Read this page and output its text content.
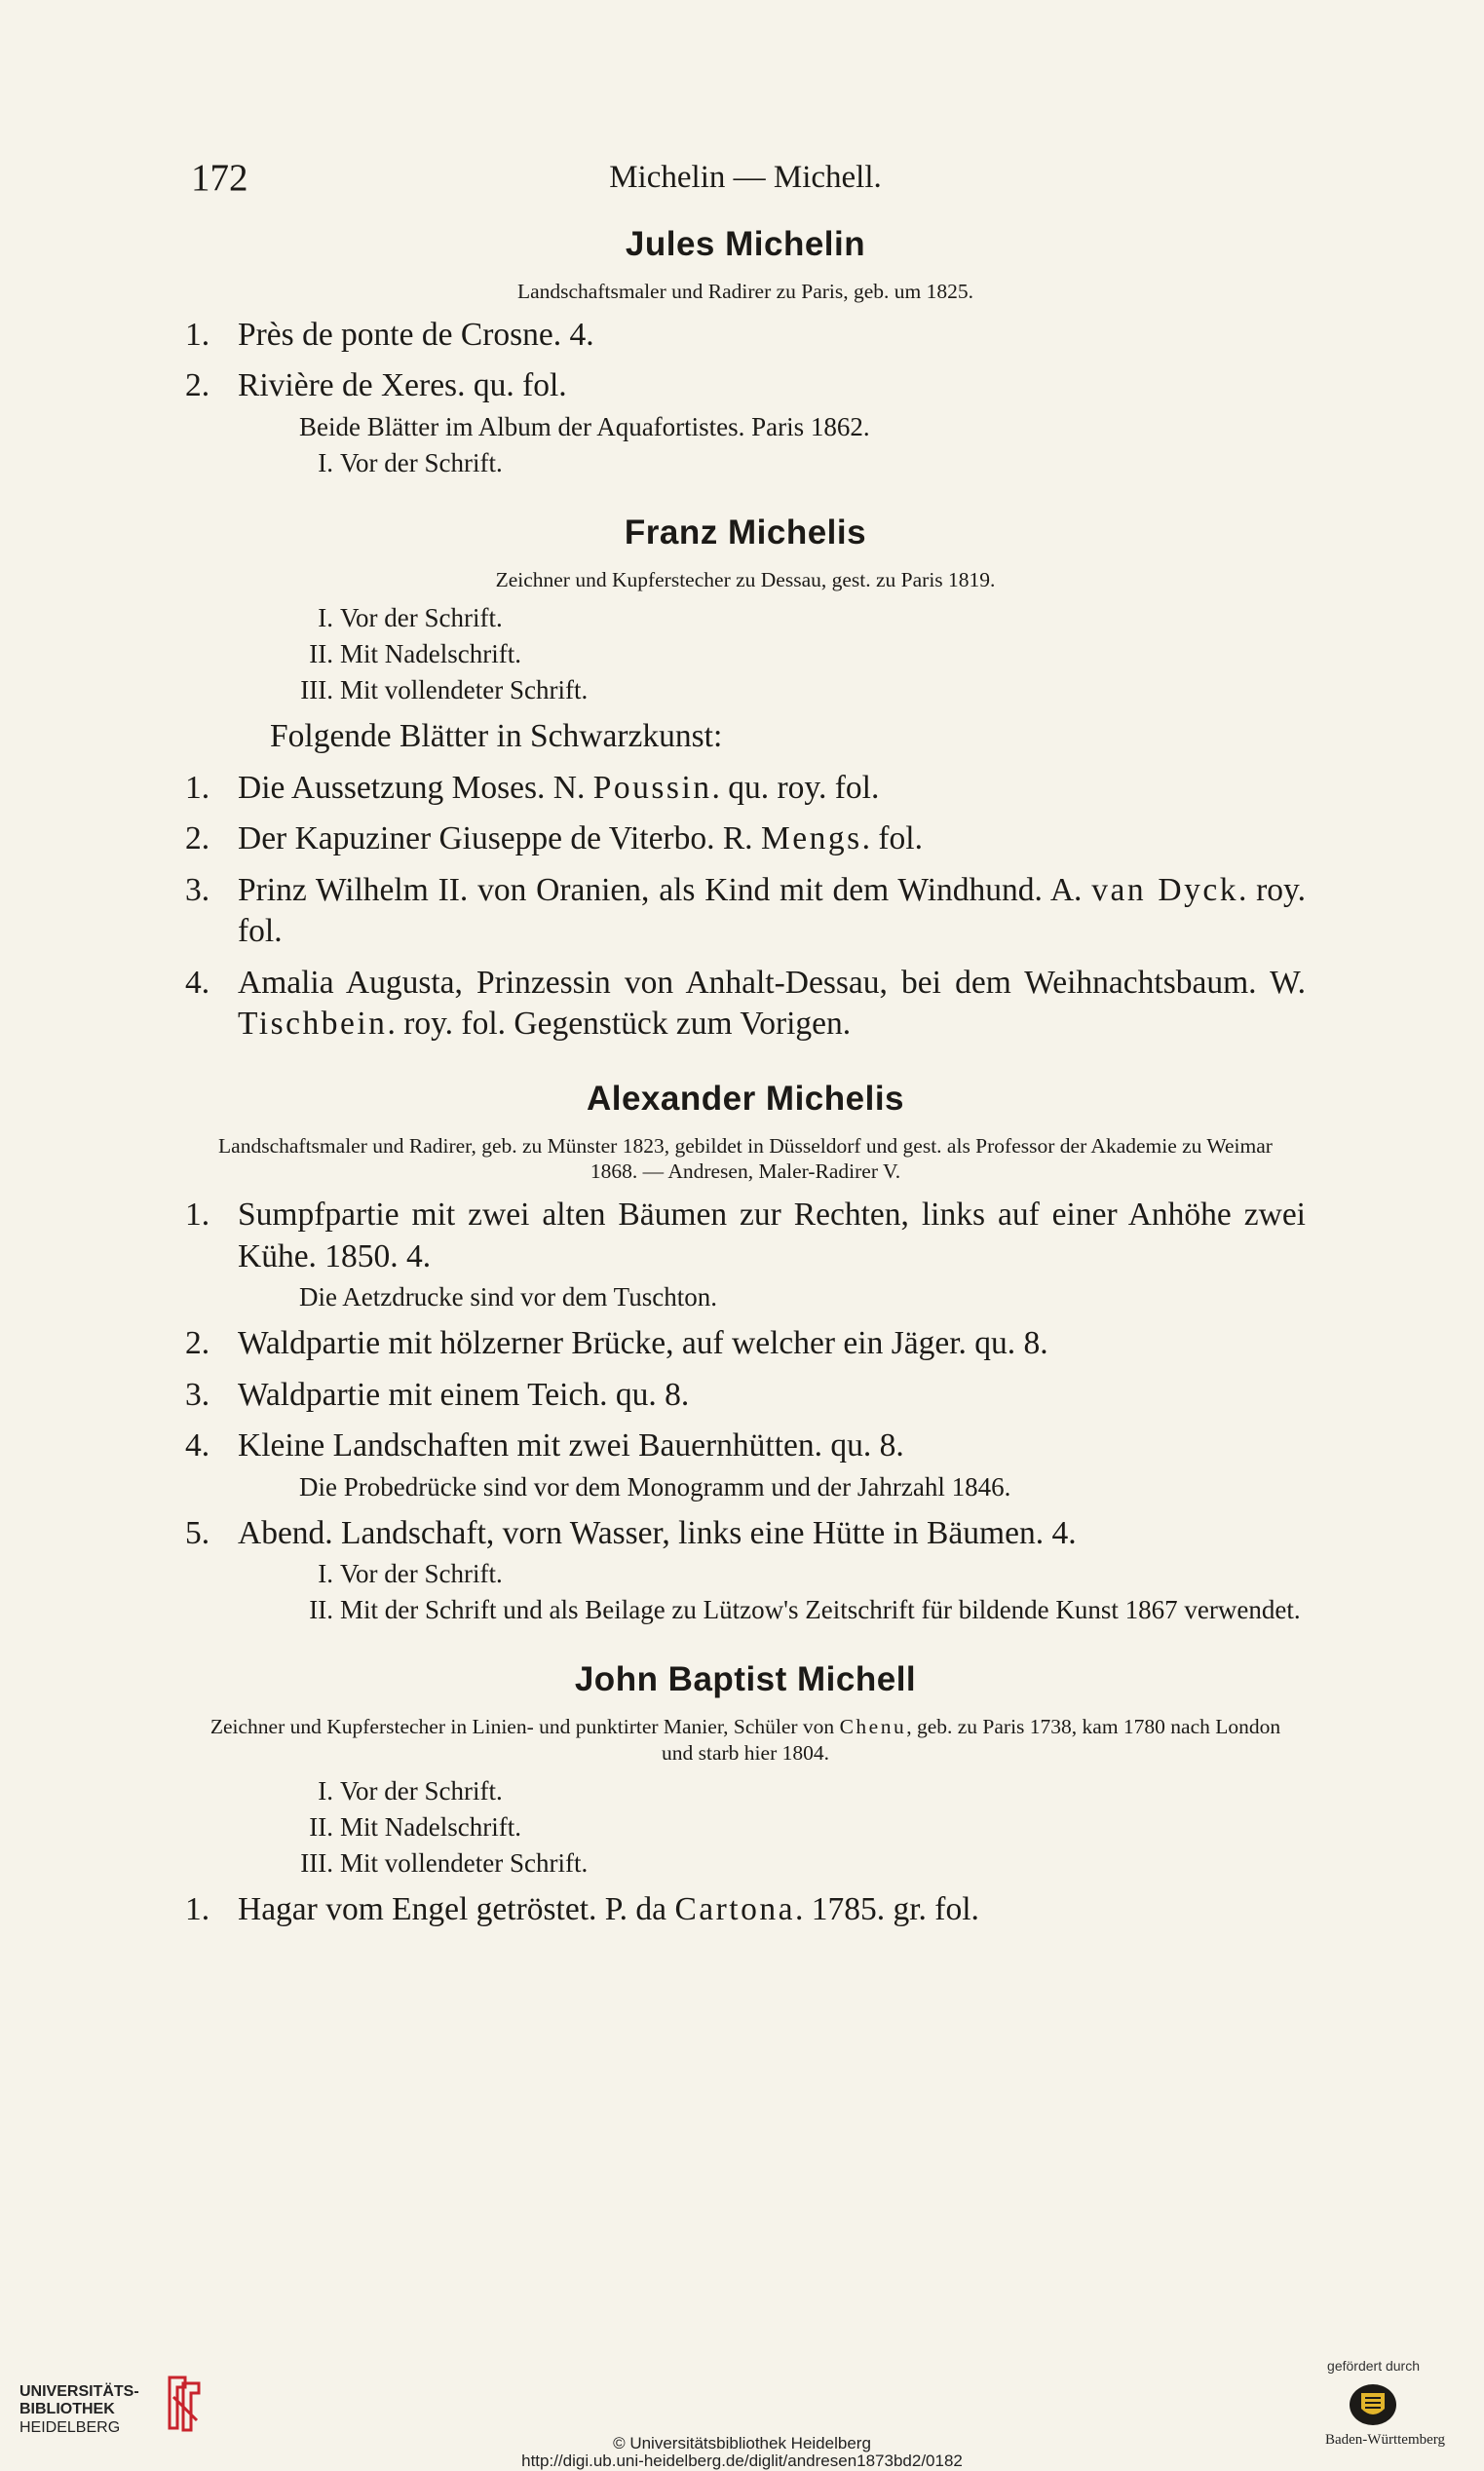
172	Michelin — Michell.
Jules Michelin

Landschaftsmaler und Radirer zu Paris, geb. um 1825.

1. Près de ponte de Crosne. 4.

2. Rivière de Xeres. qu. fol.

Beide Blätter im Album der Aquafortistes. Paris 1862.

I. Vor der Schrift.

Franz Michelis

Zeichner und Kupferstecher zu Dessau, gest. zu Paris 1819.

I. Vor der Schrift.

II. Mit Nadelschrift.

III. Mit vollendeter Schrift.

Folgende Blätter in Schwarzkunst:

1. Die Aussetzung Moses. N. Poussin. qu. roy. fol.

2. Der Kapuziner Giuseppe de Viterbo. R. Mengs. fol.

3. Prinz Wilhelm II. von Oranien, als Kind mit dem Windhund. A. van Dyck. roy. fol.

4. Amalia Augusta, Prinzessin von Anhalt-Dessau, bei dem Weihnachtsbaum. W. Tischbein. roy. fol. Gegenstück zum Vorigen.

Alexander Michelis

Landschaftsmaler und Radirer, geb. zu Münster 1823, gebildet in Düsseldorf und gest. als Professor der Akademie zu Weimar 1868. — Andresen, Maler-Radirer V.

1. Sumpfpartie mit zwei alten Bäumen zur Rechten, links auf einer Anhöhe zwei Kühe. 1850. 4.

Die Aetzdrucke sind vor dem Tuschton.

2. Waldpartie mit hölzerner Brücke, auf welcher ein Jäger. qu. 8.

3. Waldpartie mit einem Teich. qu. 8.

4. Kleine Landschaften mit zwei Bauernhütten. qu. 8.

Die Probedrücke sind vor dem Monogramm und der Jahrzahl 1846.

5. Abend. Landschaft, vorn Wasser, links eine Hütte in Bäumen. 4.

I. Vor der Schrift.

II. Mit der Schrift und als Beilage zu Lützow's Zeitschrift für bildende Kunst 1867 verwendet.

John Baptist Michell

Zeichner und Kupferstecher in Linien- und punktirter Manier, Schüler von Chenu, geb. zu Paris 1738, kam 1780 nach London und starb hier 1804.

I. Vor der Schrift.

II. Mit Nadelschrift.

III. Mit vollendeter Schrift.

1. Hagar vom Engel getröstet. P. da Cartona. 1785. gr. fol.

UNIVERSITÄTS-
BIBLIOTHEK
HEIDELBERG
© Universitätsbibliothek Heidelberg
http://digi.ub.uni-heidelberg.de/diglit/andresen1873bd2/0182
gefördert durch
Baden-Württemberg
